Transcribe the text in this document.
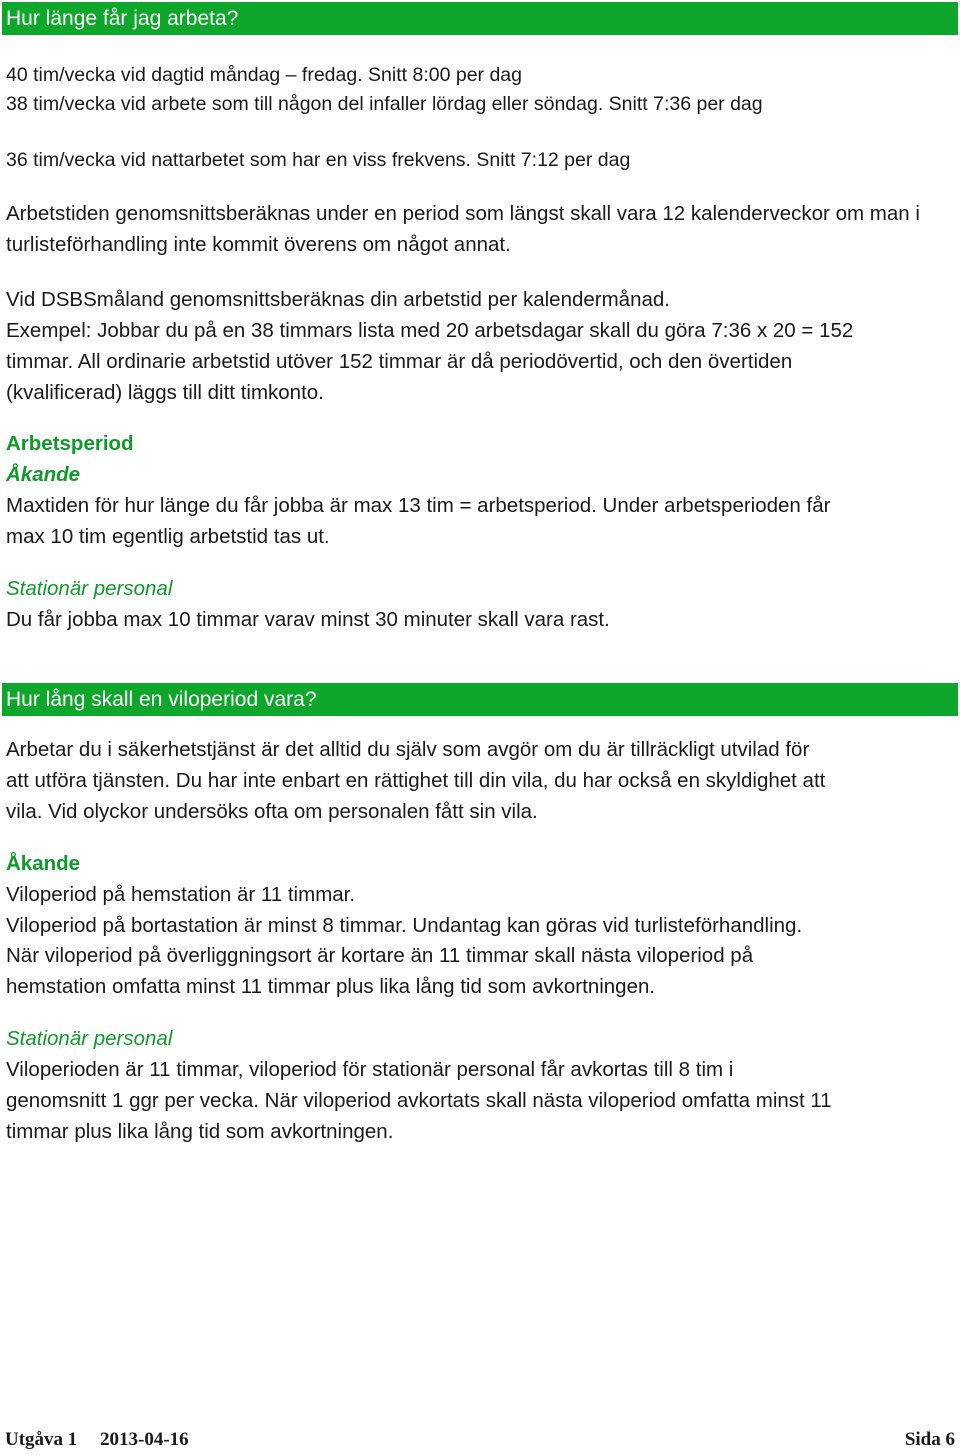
Hur länge får jag arbeta?
40 tim/vecka vid dagtid måndag – fredag. Snitt 8:00 per dag
38 tim/vecka vid arbete som till någon del infaller lördag eller söndag. Snitt 7:36 per dag
36 tim/vecka vid nattarbetet som har en viss frekvens. Snitt 7:12 per dag
Arbetstiden genomsnittsberäknas under en period som längst skall vara 12 kalenderveckor om man i
turlisteförhandling inte kommit överens om något annat.
Vid DSBSmåland genomsnittsberäknas din arbetstid per kalendermånad.
Exempel: Jobbar du på en 38 timmars lista med 20 arbetsdagar skall du göra 7:36 x 20 = 152
timmar. All ordinarie arbetstid utöver 152 timmar är då periodövertid, och den övertiden
(kvalificerad) läggs till ditt timkonto.
Arbetsperiod
Åkande
Maxtiden för hur länge du får jobba är max 13 tim = arbetsperiod. Under arbetsperioden får
max 10 tim egentlig arbetstid tas ut.
Stationär personal
Du får jobba max 10 timmar varav minst 30 minuter skall vara rast.
Hur lång skall en viloperiod vara?
Arbetar du i säkerhetstjänst är det alltid du själv som avgör om du är tillräckligt utvilad för
att utföra tjänsten. Du har inte enbart en rättighet till din vila, du har också en skyldighet att
vila. Vid olyckor undersöks ofta om personalen fått sin vila.
Åkande
Viloperiod på hemstation är 11 timmar.
Viloperiod på bortastation är minst 8 timmar. Undantag kan göras vid turlisteförhandling.
När viloperiod på överliggningsort är kortare än 11 timmar skall nästa viloperiod på
hemstation omfatta minst 11 timmar plus lika lång tid som avkortningen.
Stationär personal
Viloperioden är 11 timmar, viloperiod för stationär personal får avkortas till 8 tim i
genomsnitt 1 ggr per vecka. När viloperiod avkortats skall nästa viloperiod omfatta minst 11
timmar plus lika lång tid som avkortningen.
Utgåva 1 2013-04-16	Sida 6
